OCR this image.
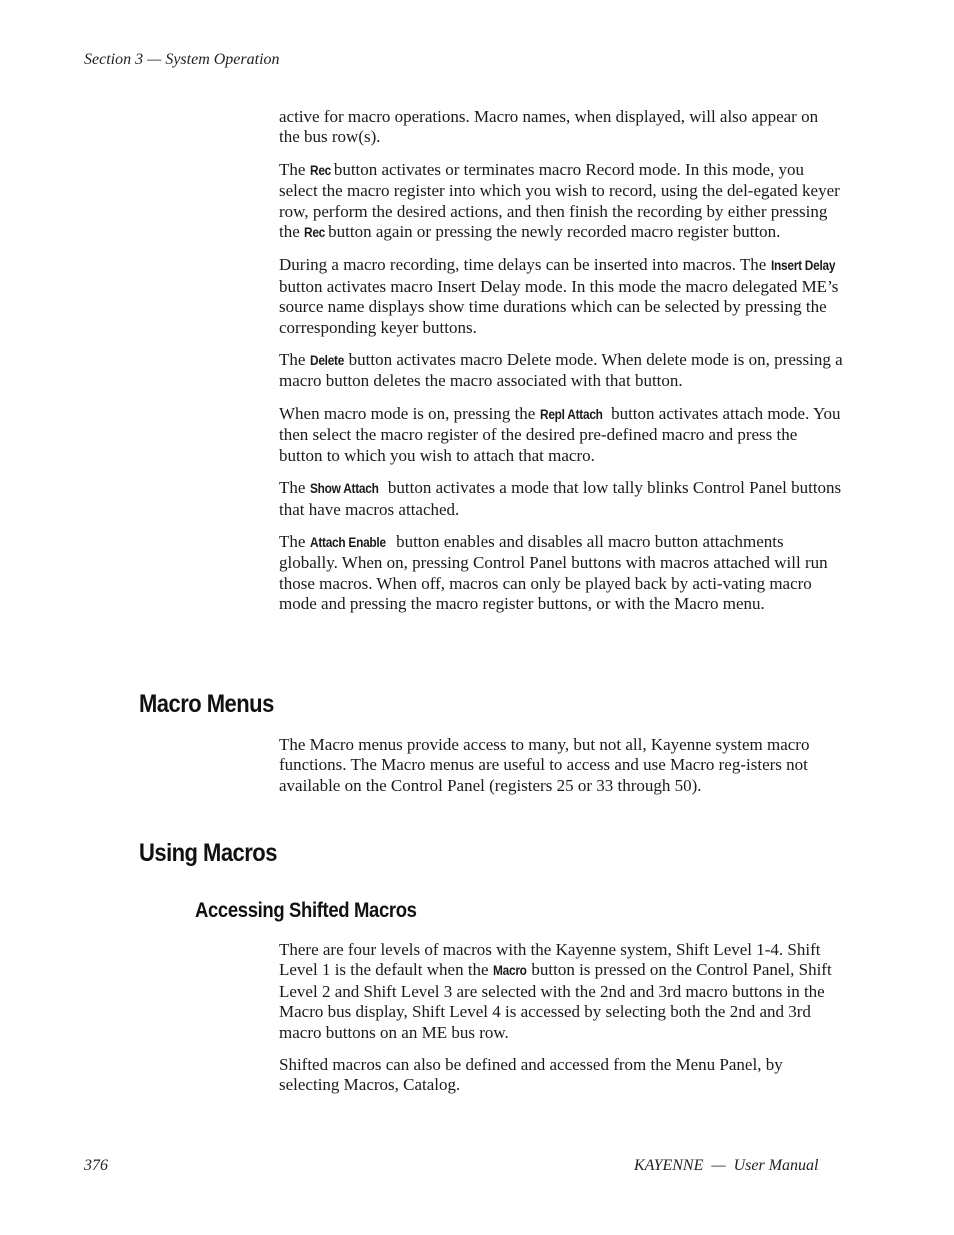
Section 3 — System Operation

active for macro operations. Macro names, when displayed, will also appear on the bus row(s).

The Rec button activates or terminates macro Record mode. In this mode, you select the macro register into which you wish to record, using the del-egated keyer row, perform the desired actions, and then finish the recording by either pressing the Rec button again or pressing the newly recorded macro register button.

During a macro recording, time delays can be inserted into macros. The Insert Delay button activates macro Insert Delay mode. In this mode the macro delegated ME’s source name displays show time durations which can be selected by pressing the corresponding keyer buttons.

The Delete button activates macro Delete mode. When delete mode is on, pressing a macro button deletes the macro associated with that button.

When macro mode is on, pressing the Repl Attach button activates attach mode. You then select the macro register of the desired pre-defined macro and press the button to which you wish to attach that macro.

The Show Attach button activates a mode that low tally blinks Control Panel buttons that have macros attached.

The Attach Enable button enables and disables all macro button attachments globally. When on, pressing Control Panel buttons with macros attached will run those macros. When off, macros can only be played back by acti-vating macro mode and pressing the macro register buttons, or with the Macro menu.

Macro Menus

The Macro menus provide access to many, but not all, Kayenne system macro functions. The Macro menus are useful to access and use Macro reg-isters not available on the Control Panel (registers 25 or 33 through 50).

Using Macros
Accessing Shifted Macros

There are four levels of macros with the Kayenne system, Shift Level 1-4. Shift Level 1 is the default when the Macro button is pressed on the Control Panel, Shift Level 2 and Shift Level 3 are selected with the 2nd and 3rd macro buttons in the Macro bus display, Shift Level 4 is accessed by selecting both the 2nd and 3rd macro buttons on an ME bus row.

Shifted macros can also be defined and accessed from the Menu Panel, by selecting Macros, Catalog.

376	KAYENNE  —  User Manual
